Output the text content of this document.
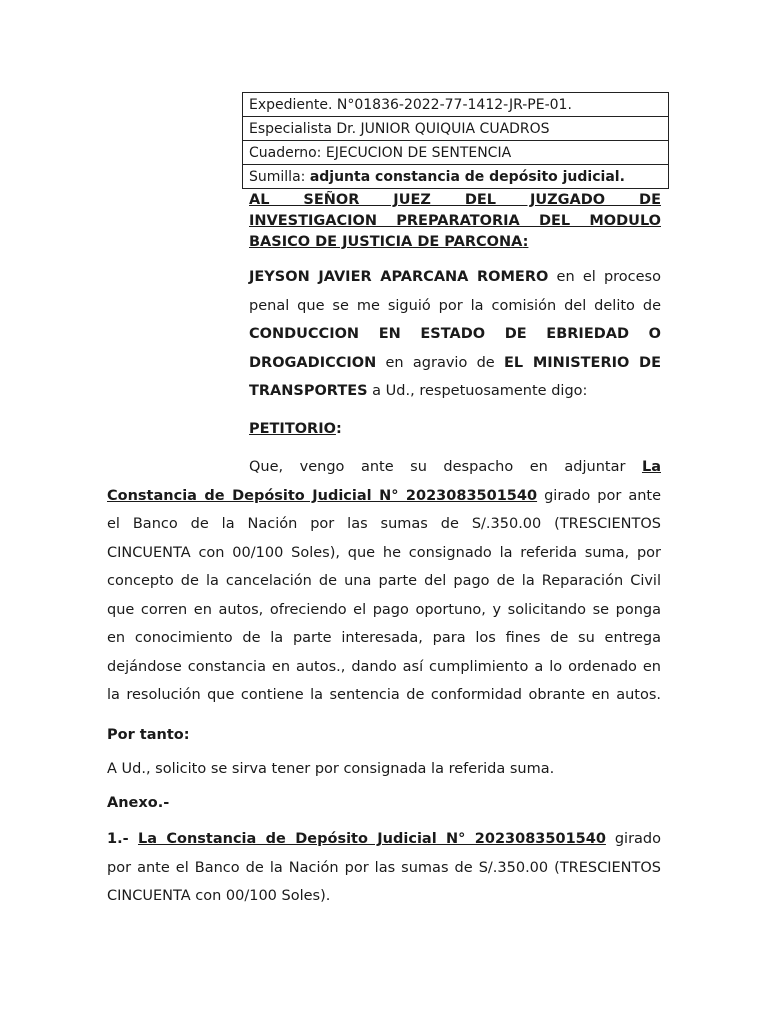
Expediente. N°01836-2022-77-1412-JR-PE-01.
Especialista Dr. JUNIOR QUIQUIA CUADROS
Cuaderno: EJECUCION DE SENTENCIA
Sumilla: adjunta constancia de depósito judicial.
AL SEÑOR JUEZ DEL JUZGADO DE
INVESTIGACION PREPARATORIA DEL MODULO
BASICO DE JUSTICIA DE PARCONA:
JEYSON JAVIER APARCANA ROMERO en el proceso
penal que se me siguió por la comisión del delito de
CONDUCCION EN ESTADO DE EBRIEDAD O
DROGADICCION en agravio de EL MINISTERIO DE
TRANSPORTES a Ud., respetuosamente digo:
PETITORIO:
Que, vengo ante su despacho en adjuntar La
Constancia de Depósito Judicial N° 2023083501540 girado por ante
el Banco de la Nación por las sumas de S/.350.00 (TRESCIENTOS
CINCUENTA con 00/100 Soles), que he consignado la referida suma, por
concepto de la cancelación de una parte del pago de la Reparación Civil
que corren en autos, ofreciendo el pago oportuno, y solicitando se ponga
en conocimiento de la parte interesada, para los fines de su entrega
dejándose constancia en autos., dando así cumplimiento a lo ordenado en
la resolución que contiene la sentencia de conformidad obrante en autos.
Por tanto:
A Ud., solicito se sirva tener por consignada la referida suma.
Anexo.-
1.- La Constancia de Depósito Judicial N° 2023083501540 girado
por ante el Banco de la Nación por las sumas de S/.350.00 (TRESCIENTOS
CINCUENTA con 00/100 Soles).
